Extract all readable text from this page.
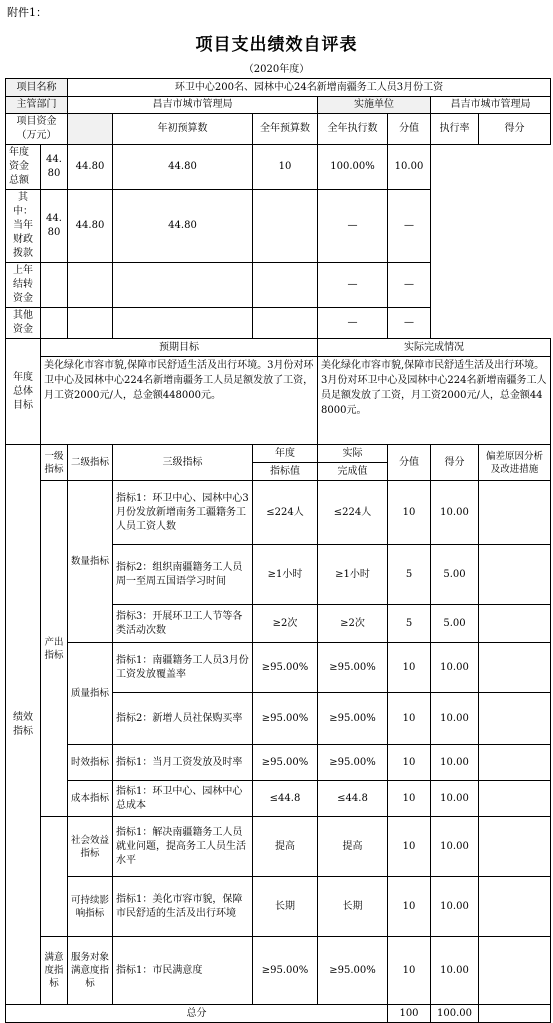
附件1：
项目支出绩效自评表
（2020年度）
项目名称		环卫中心200名、园林中心24名新增南疆务工人员3月份工资						
主管部门		昌吉市城市管理局			实施单位		昌吉市城市管理局	
项目资金（万元）			年初预算数	全年预算数	全年执行数	分值	执行率	得分
年度资金总额	44.80	44.80	44.80	10	100.00%	10.00		
其中：当年财政拨款	44.80	44.80	44.80		—	—		
上年结转资金					—	—		
其他资金					—	—		
年度总体目标	预期目标				实际完成情况			
	美化绿化市容市貌,保障市民舒适生活及出行环境。3月份对环卫中心及园林中心224名新增南疆务工人员足额发放了工资，月工资2000元/人，总金额448000元。				美化绿化市容市貌,保障市民舒适生活及出行环境。3月份对环卫中心及园林中心224名新增南疆务工人员足额发放了工资，月工资2000元/人，总金额448000元。			
绩效指标	一级指标	二级指标	三级指标	年度	实际	分值	得分	偏差原因分析及改进措施
				指标值	完成值			
	产出指标	数量指标	指标1：环卫中心、园林中心3月份发放新增南务工疆籍务工人员工资人数	≤224人	≤224人	10	10.00	
			指标2：组织南疆籍务工人员周一至周五国语学习时间	≥1小时	≥1小时	5	5.00	
			指标3：开展环卫工人节等各类活动次数	≥2次	≥2次	5	5.00	
		质量指标	指标1：南疆籍务工人员3月份工资发放覆盖率	≥95.00%	≥95.00%	10	10.00	
			指标2：新增人员社保购买率	≥95.00%	≥95.00%	10	10.00	
		时效指标	指标1：当月工资发放及时率	≥95.00%	≥95.00%	10	10.00	
		成本指标	指标1：环卫中心、园林中心总成本	≤44.8	≤44.8	10	10.00	
		社会效益指标	指标1：解决南疆籍务工人员就业问题，提高务工人员生活水平	提高	提高	10	10.00	
		可持续影响指标	指标1：美化市容市貌，保障市民舒适的生活及出行环境	长期	长期	10	10.00	
	满意度指标	服务对象满意度指标	指标1：市民满意度	≥95.00%	≥95.00%	10	10.00	
总分						100	100.00	
